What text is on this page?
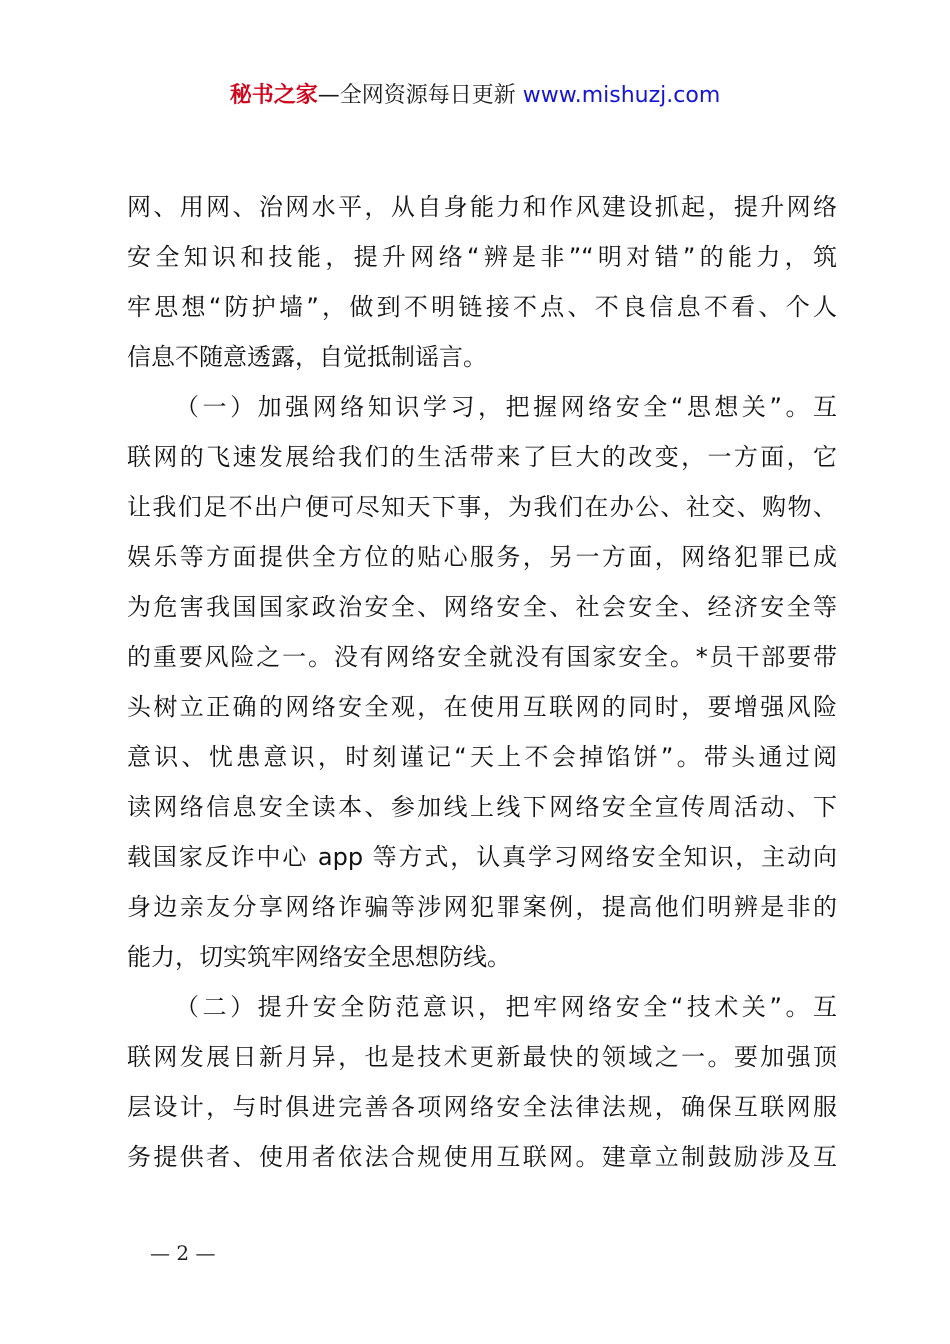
秘书之家—全网资源每日更新 www.mishuzj.com
网、用网、治网水平，从自身能力和作风建设抓起，提升网络
安全知识和技能，提升网络“辨是非”“明对错”的能力，筑
牢思想“防护墙”，做到不明链接不点、不良信息不看、个人
信息不随意透露，自觉抵制谣言。
（一）加强网络知识学习，把握网络安全“思想关”。互
联网的飞速发展给我们的生活带来了巨大的改变，一方面，它
让我们足不出户便可尽知天下事，为我们在办公、社交、购物、
娱乐等方面提供全方位的贴心服务，另一方面，网络犯罪已成
为危害我国国家政治安全、网络安全、社会安全、经济安全等
的重要风险之一。没有网络安全就没有国家安全。*员干部要带
头树立正确的网络安全观，在使用互联网的同时，要增强风险
意识、忧患意识，时刻谨记“天上不会掉馅饼”。带头通过阅
读网络信息安全读本、参加线上线下网络安全宣传周活动、下
载国家反诈中心 app 等方式，认真学习网络安全知识，主动向
身边亲友分享网络诈骗等涉网犯罪案例，提高他们明辨是非的
能力，切实筑牢网络安全思想防线。
（二）提升安全防范意识，把牢网络安全“技术关”。互
联网发展日新月异，也是技术更新最快的领域之一。要加强顶
层设计，与时俱进完善各项网络安全法律法规，确保互联网服
务提供者、使用者依法合规使用互联网。建章立制鼓励涉及互
— 2 —
